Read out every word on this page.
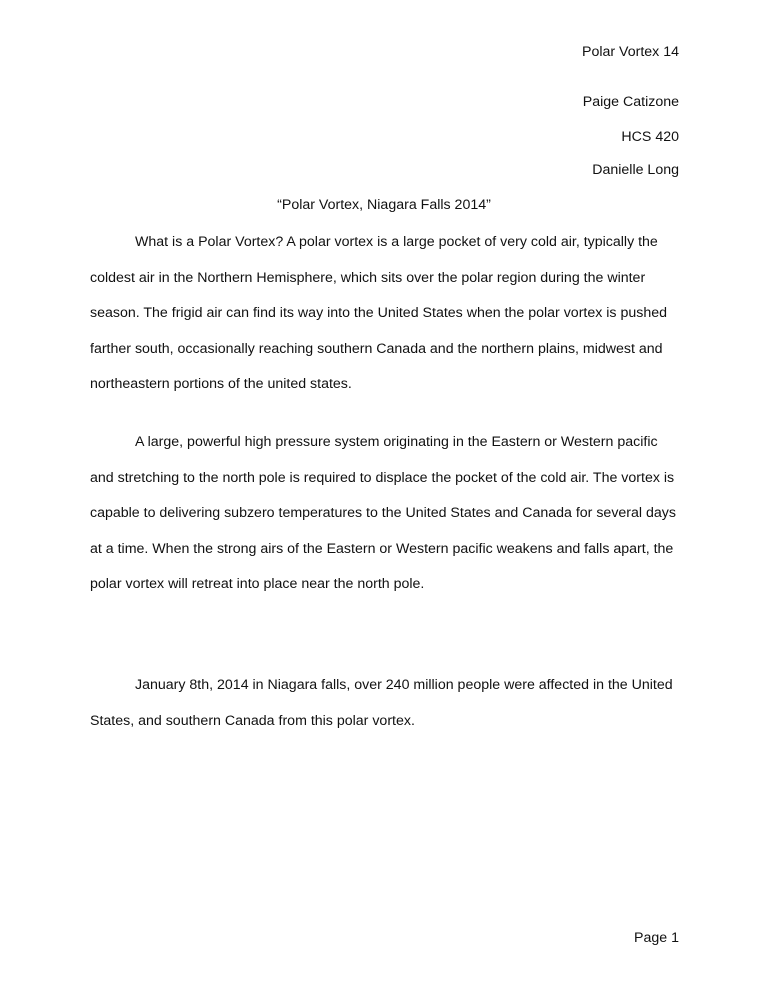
Polar Vortex 14
Paige Catizone
HCS 420
Danielle Long
“Polar Vortex, Niagara Falls 2014”

What is a Polar Vortex? A polar vortex is a large pocket of very cold air, typically the coldest air in the Northern Hemisphere, which sits over the polar region during the winter season. The frigid air can find its way into the United States when the polar vortex is pushed farther south, occasionally reaching southern Canada and the northern plains, midwest and northeastern portions of the united states.

A large, powerful high pressure system originating in the Eastern or Western pacific and stretching to the north pole is required to displace the pocket of the cold air. The vortex is capable to delivering subzero temperatures to the United States and Canada for several days at a time. When the strong airs of the Eastern or Western pacific weakens and falls apart, the polar vortex will retreat into place near the north pole.

January 8th, 2014 in Niagara falls, over 240 million people were affected in the United States, and southern Canada from this polar vortex.

Page 1
